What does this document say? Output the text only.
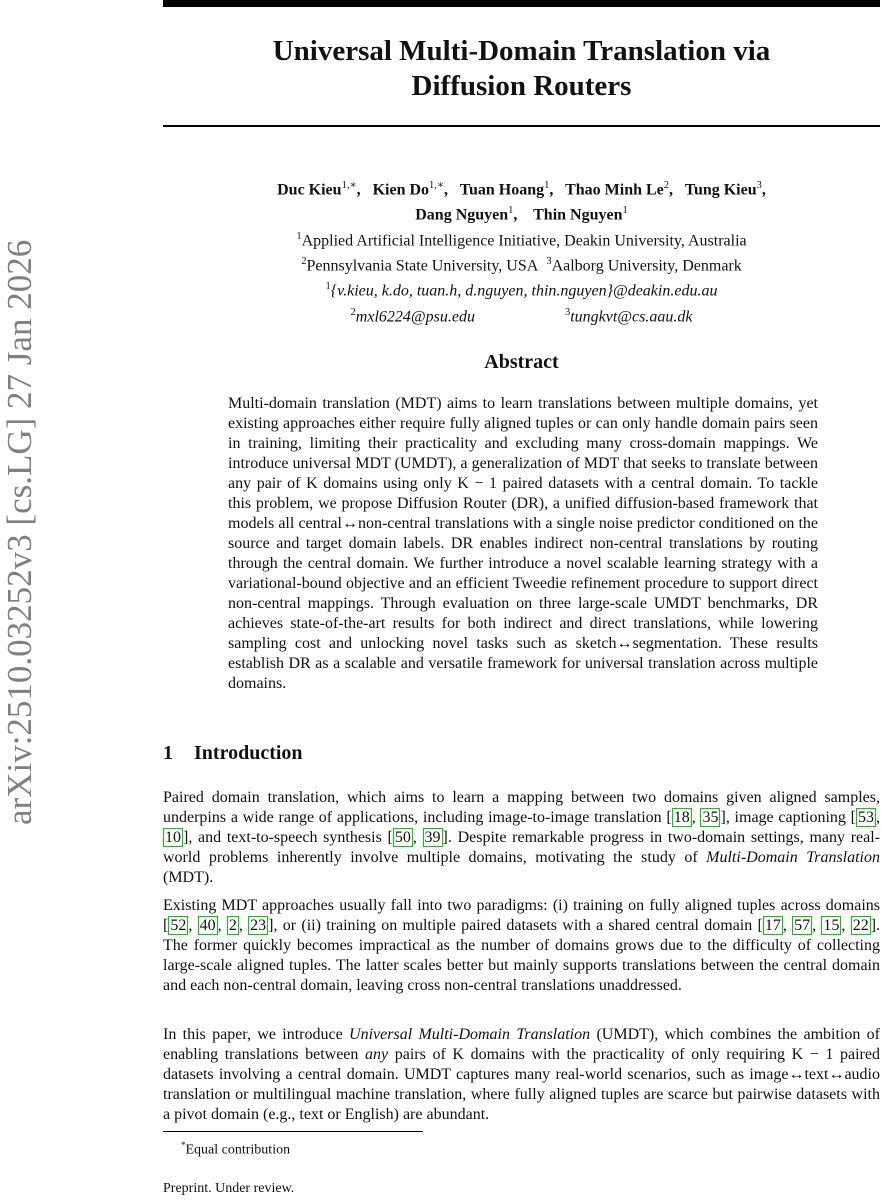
arXiv:2510.03252v3 [cs.LG] 27 Jan 2026
Universal Multi-Domain Translation via
Diffusion Routers
Duc Kieu$^{1,∗}$,   Kien $Do^{1,∗}$,   Tuan Hoang$^1$,   Thao Minh Le$^2$,   Tung Kieu$^3$,
Dang Nguyen$^1$,    Thin Nguyen$^1$
$^1$Applied Artificial Intelligence Initiative, Deakin University, Australia
$^2$Pennsylvania State University, USA $^3$Aalborg University, Denmark
$^1${v.kieu, k.do, tuan.h, d.nguyen, thin.nguyen}@deakin.edu.au
$^2$mxl6224@psu.edu	$^3$tungkvt@cs.aau.dk
Abstract

Multi-domain translation (MDT) aims to learn translations between multiple domains, yet existing approaches either require fully aligned tuples or can only handle domain pairs seen in training, limiting their practicality and excluding many cross-domain mappings. We introduce universal MDT (UMDT), a generalization of MDT that seeks to translate between any pair of K domains using only K − 1 paired datasets with a central domain. To tackle this problem, we propose Diffusion Router (DR), a unified diffusion-based framework that models all central↔non-central translations with a single noise predictor conditioned on the source and target domain labels. DR enables indirect non-central translations by routing through the central domain. We further introduce a novel scalable learning strategy with a variational-bound objective and an efficient Tweedie refinement procedure to support direct non-central mappings. Through evaluation on three large-scale UMDT benchmarks, DR achieves state-of-the-art results for both indirect and direct translations, while lowering sampling cost and unlocking novel tasks such as sketch↔segmentation. These results establish DR as a scalable and versatile framework for universal translation across multiple domains.

1 Introduction

Paired domain translation, which aims to learn a mapping between two domains given aligned samples, underpins a wide range of applications, including image-to-image translation [ 18 , 35 ], image captioning [ 53 , 10 ], and text-to-speech synthesis [ 50 , 39 ]. Despite remarkable progress in two-domain settings, many real-world problems inherently involve multiple domains, motivating the study of Multi-Domain Translation (MDT).

Existing MDT approaches usually fall into two paradigms: (i) training on fully aligned tuples across domains [ 52 , 40 , 2 , 23 ], or (ii) training on multiple paired datasets with a shared central domain [ 17 , 57 , 15 , 22 ]. The former quickly becomes impractical as the number of domains grows due to the difficulty of collecting large-scale aligned tuples. The latter scales better but mainly supports translations between the central domain and each non-central domain, leaving cross non-central translations unaddressed.

In this paper, we introduce Universal Multi-Domain Translation (UMDT), which combines the ambition of enabling translations between any pairs of K domains with the practicality of only requiring K − 1 paired datasets involving a central domain. UMDT captures many real-world scenarios, such as image↔text↔audio translation or multilingual machine translation, where fully aligned tuples are scarce but pairwise datasets with a pivot domain (e.g., text or English) are abundant.

*Equal contribution

Preprint. Under review.
